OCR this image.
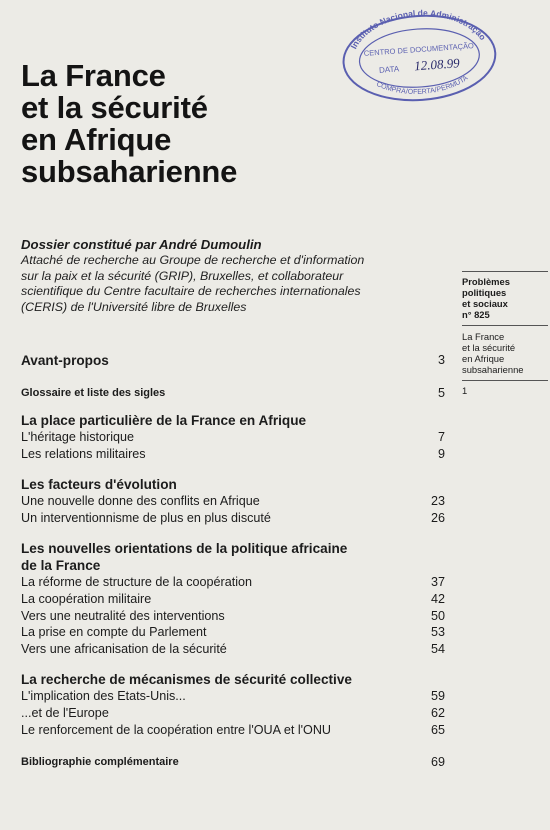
La France
et la sécurité
en Afrique
subsaharienne
Instituto Nacional de Administração
CENTRO DE DOCUMENTAÇÃO
DATA 12.08.99
COMPRA/OFERTA/PERMUTA
Dossier constitué par André Dumoulin
Attaché de recherche au Groupe de recherche et d'information
sur la paix et la sécurité (GRIP), Bruxelles, et collaborateur
scientifique du Centre facultaire de recherches internationales
(CERIS) de l'Université libre de Bruxelles
Problèmes
politiques
et sociaux
n° 825
La France
et la sécurité
en Afrique
subsaharienne
1
Avant-propos	3
Glossaire et liste des sigles	5
La place particulière de la France en Afrique
L'héritage historique	7
Les relations militaires	9
Les facteurs d'évolution
Une nouvelle donne des conflits en Afrique	23
Un interventionnisme de plus en plus discuté	26
Les nouvelles orientations de la politique africaine
de la France
La réforme de structure de la coopération	37
La coopération militaire	42
Vers une neutralité des interventions	50
La prise en compte du Parlement	53
Vers une africanisation de la sécurité	54
La recherche de mécanismes de sécurité collective
L'implication des Etats-Unis...	59
...et de l'Europe	62
Le renforcement de la coopération entre l'OUA et l'ONU	65
Bibliographie complémentaire	69
